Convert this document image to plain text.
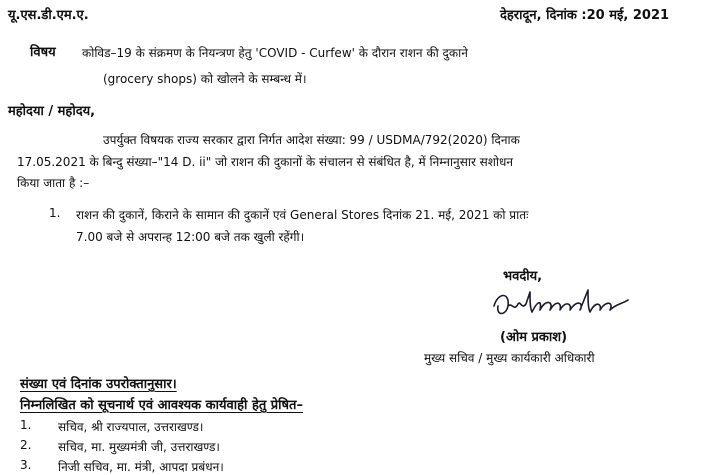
यू.एस.डी.एम.ए.	देहरादून, दिनांक :20 मई, 2021
विषय कोविड–19 के संक्रमण के नियन्त्रण हेतु 'COVID - Curfew' के दौरान राशन की दुकाने
(grocery shops) को खोलने के सम्बन्ध में।
महोदया / महोदय,
उपर्युक्त विषयक राज्य सरकार द्वारा निर्गत आदेश संख्या: 99 / USDMA/792(2020) दिनाक
17.05.2021 के बिन्दु संख्या–"14 D. ii" जो राशन की दुकानों के संचालन से संबंधित है, में निम्नानुसार सशोधन
किया जाता है :–
1. राशन की दुकानें, किराने के सामान की दुकानें एवं General Stores दिनांक 21. मई, 2021 को प्रातः
7.00 बजे से अपरान्ह 12:00 बजे तक खुली रहेंगी।
भवदीय,
(ओम प्रकाश)
मुख्य सचिव / मुख्य कार्यकारी अधिकारी
संख्या एवं दिनांक उपरोक्तानुसार।
निम्नलिखित को सूचनार्थ एवं आवश्यक कार्यवाही हेतु प्रेषित–
1. सचिव, श्री राज्यपाल, उत्तराखण्ड।
2. सचिव, मा. मुख्यमंत्री जी, उत्तराखण्ड।
3. निजी सचिव, मा. मंत्री, आपदा प्रबंधन।
